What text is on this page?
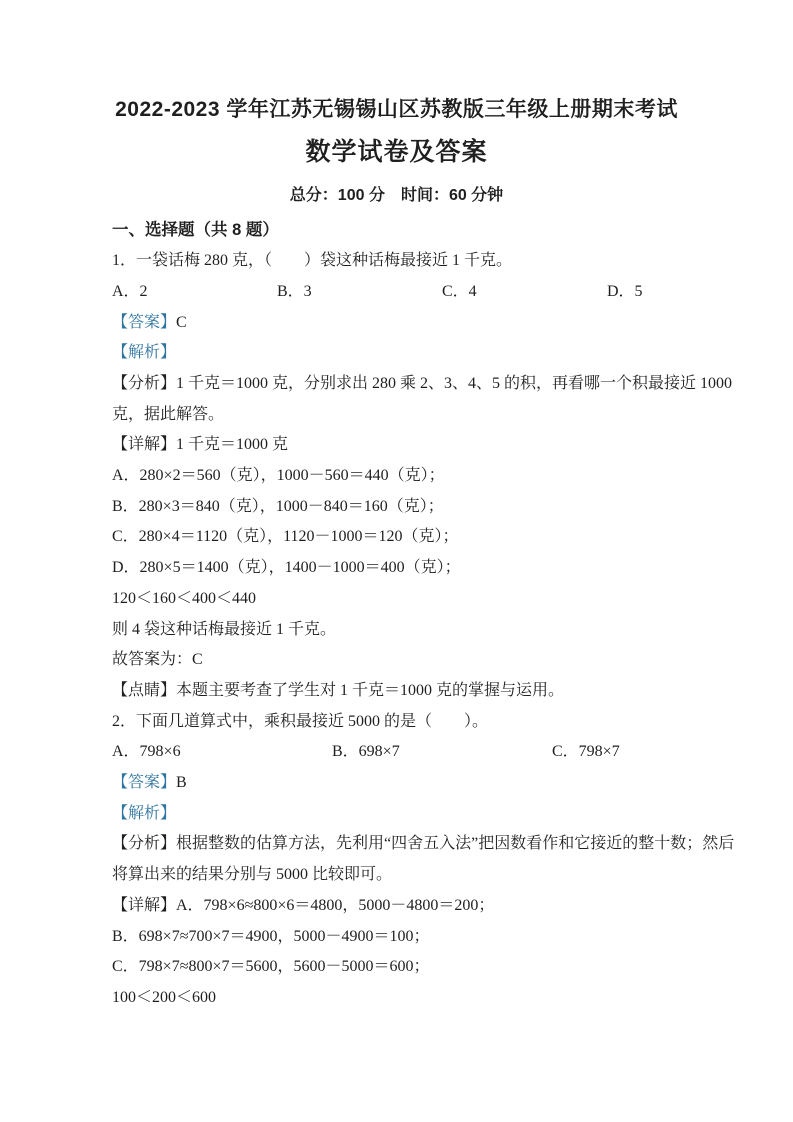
2022-2023 学年江苏无锡锡山区苏教版三年级上册期末考试
数学试卷及答案
总分：100 分　时间：60 分钟
一、选择题（共 8 题）
1．一袋话梅 280 克，（　　）袋这种话梅最接近 1 千克。
A．2	B．3	C．4	D．5
【答案】C
【解析】
【分析】1 千克＝1000 克，分别求出 280 乘 2、3、4、5 的积，再看哪一个积最接近 1000
克，据此解答。
【详解】1 千克＝1000 克
A．280×2＝560（克），1000－560＝440（克）；
B．280×3＝840（克），1000－840＝160（克）；
C．280×4＝1120（克），1120－1000＝120（克）；
D．280×5＝1400（克），1400－1000＝400（克）；
120＜160＜400＜440
则 4 袋这种话梅最接近 1 千克。
故答案为：C
【点睛】本题主要考查了学生对 1 千克＝1000 克的掌握与运用。
2．下面几道算式中，乘积最接近 5000 的是（　　）。
A．798×6	B．698×7	C．798×7
【答案】B
【解析】
【分析】根据整数的估算方法，先利用“四舍五入法”把因数看作和它接近的整十数；然后
将算出来的结果分别与 5000 比较即可。
【详解】A．798×6≈800×6＝4800，5000－4800＝200；
B．698×7≈700×7＝4900，5000－4900＝100；
C．798×7≈800×7＝5600，5600－5000＝600；
100＜200＜600
